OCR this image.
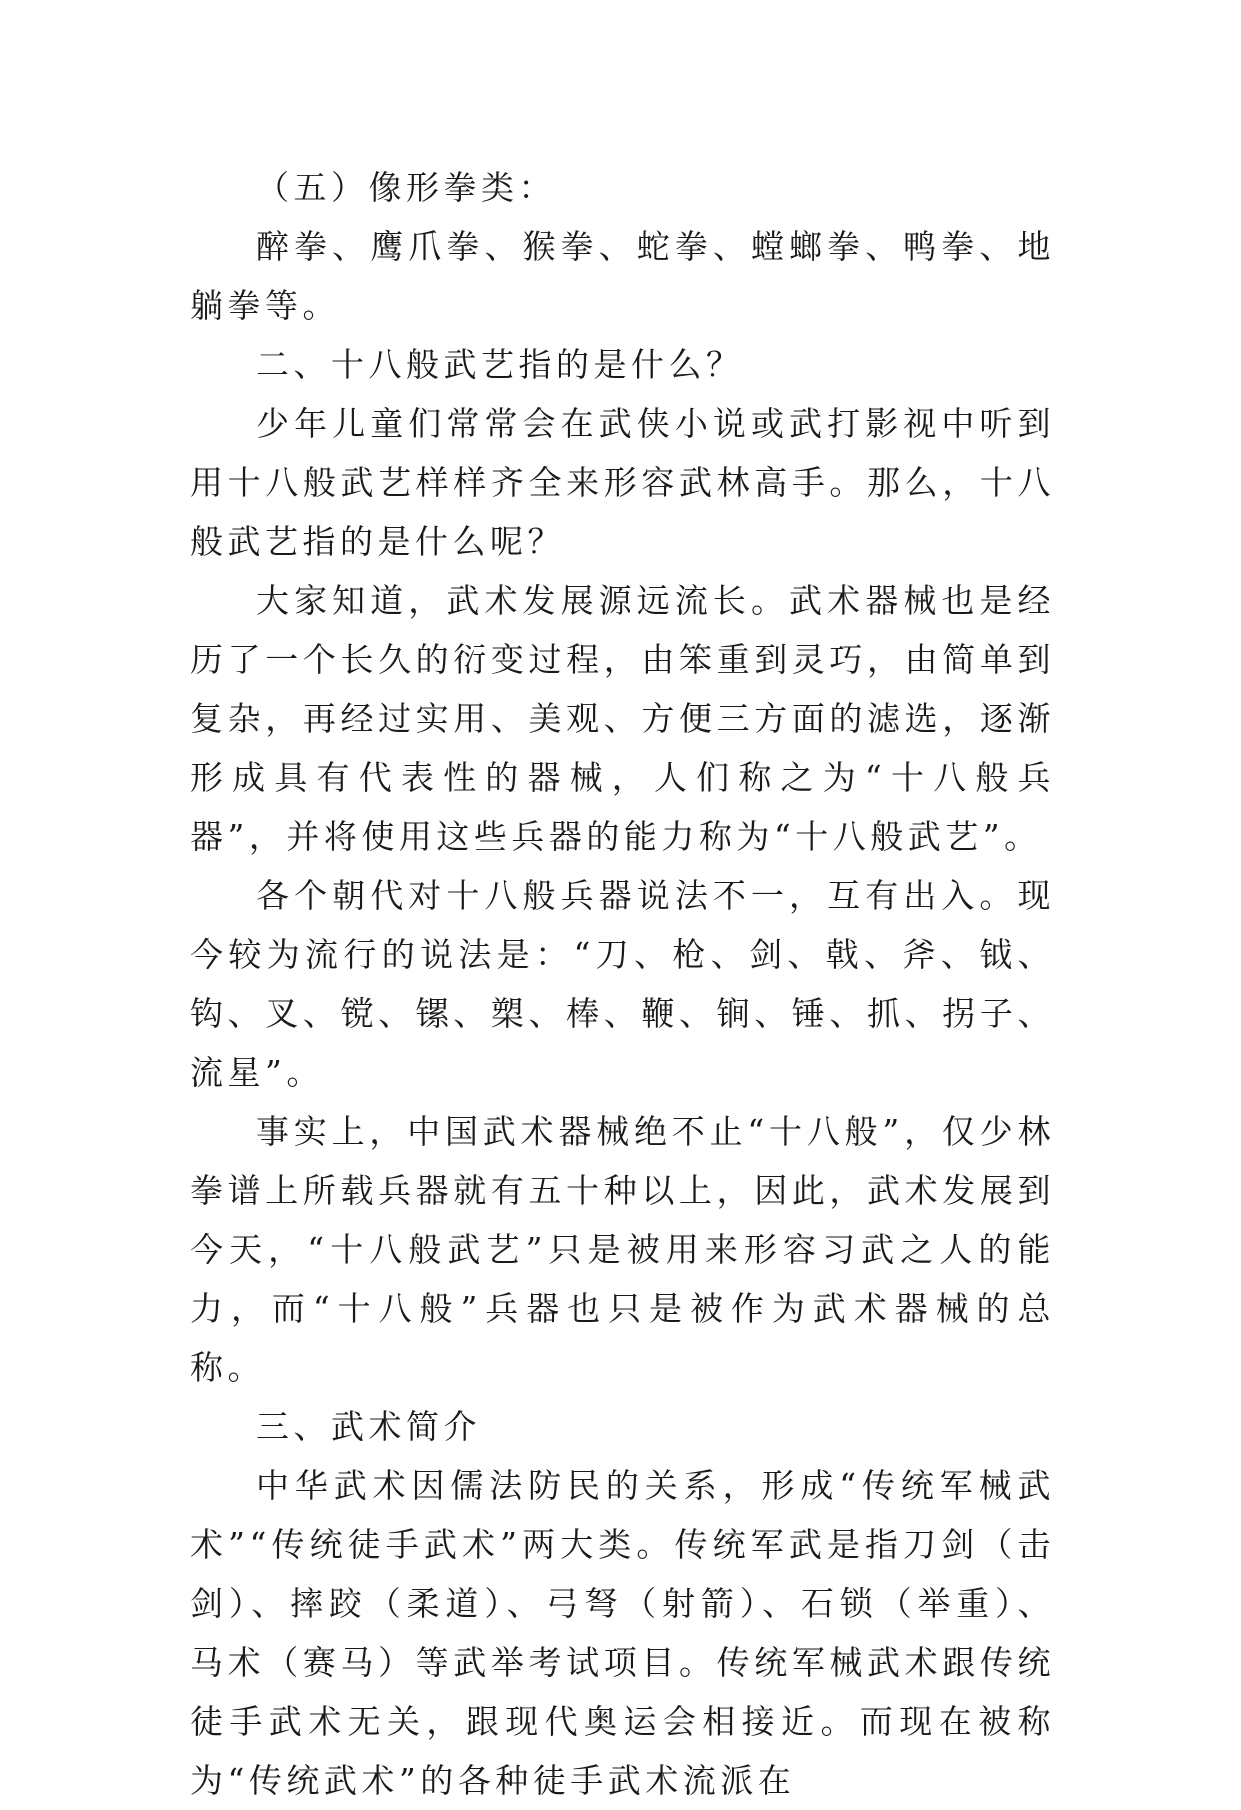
（五）像形拳类：

醉拳、鹰爪拳、猴拳、蛇拳、螳螂拳、鸭拳、地躺拳等。

二、十八般武艺指的是什么？

少年儿童们常常会在武侠小说或武打影视中听到用十八般武艺样样齐全来形容武林高手。那么，十八般武艺指的是什么呢？

大家知道，武术发展源远流长。武术器械也是经历了一个长久的衍变过程，由笨重到灵巧，由简单到复杂，再经过实用、美观、方便三方面的滤选，逐渐形成具有代表性的器械，人们称之为“十八般兵器”，并将使用这些兵器的能力称为“十八般武艺”。

各个朝代对十八般兵器说法不一，互有出入。现今较为流行的说法是：“刀、枪、剑、戟、斧、钺、钩、叉、镋、镙、槊、棒、鞭、锏、锤、抓、拐子、流星”。

事实上，中国武术器械绝不止“十八般”，仅少林拳谱上所载兵器就有五十种以上，因此，武术发展到今天，“十八般武艺”只是被用来形容习武之人的能力，而“十八般”兵器也只是被作为武术器械的总称。

三、武术简介

中华武术因儒法防民的关系，形成“传统军械武术”“传统徒手武术”两大类。传统军武是指刀剑（击剑）、摔跤（柔道）、弓弩（射箭）、石锁（举重）、马术（赛马）等武举考试项目。传统军械武术跟传统徒手武术无关，跟现代奥运会相接近。而现在被称为“传统武术”的各种徒手武术流派在
